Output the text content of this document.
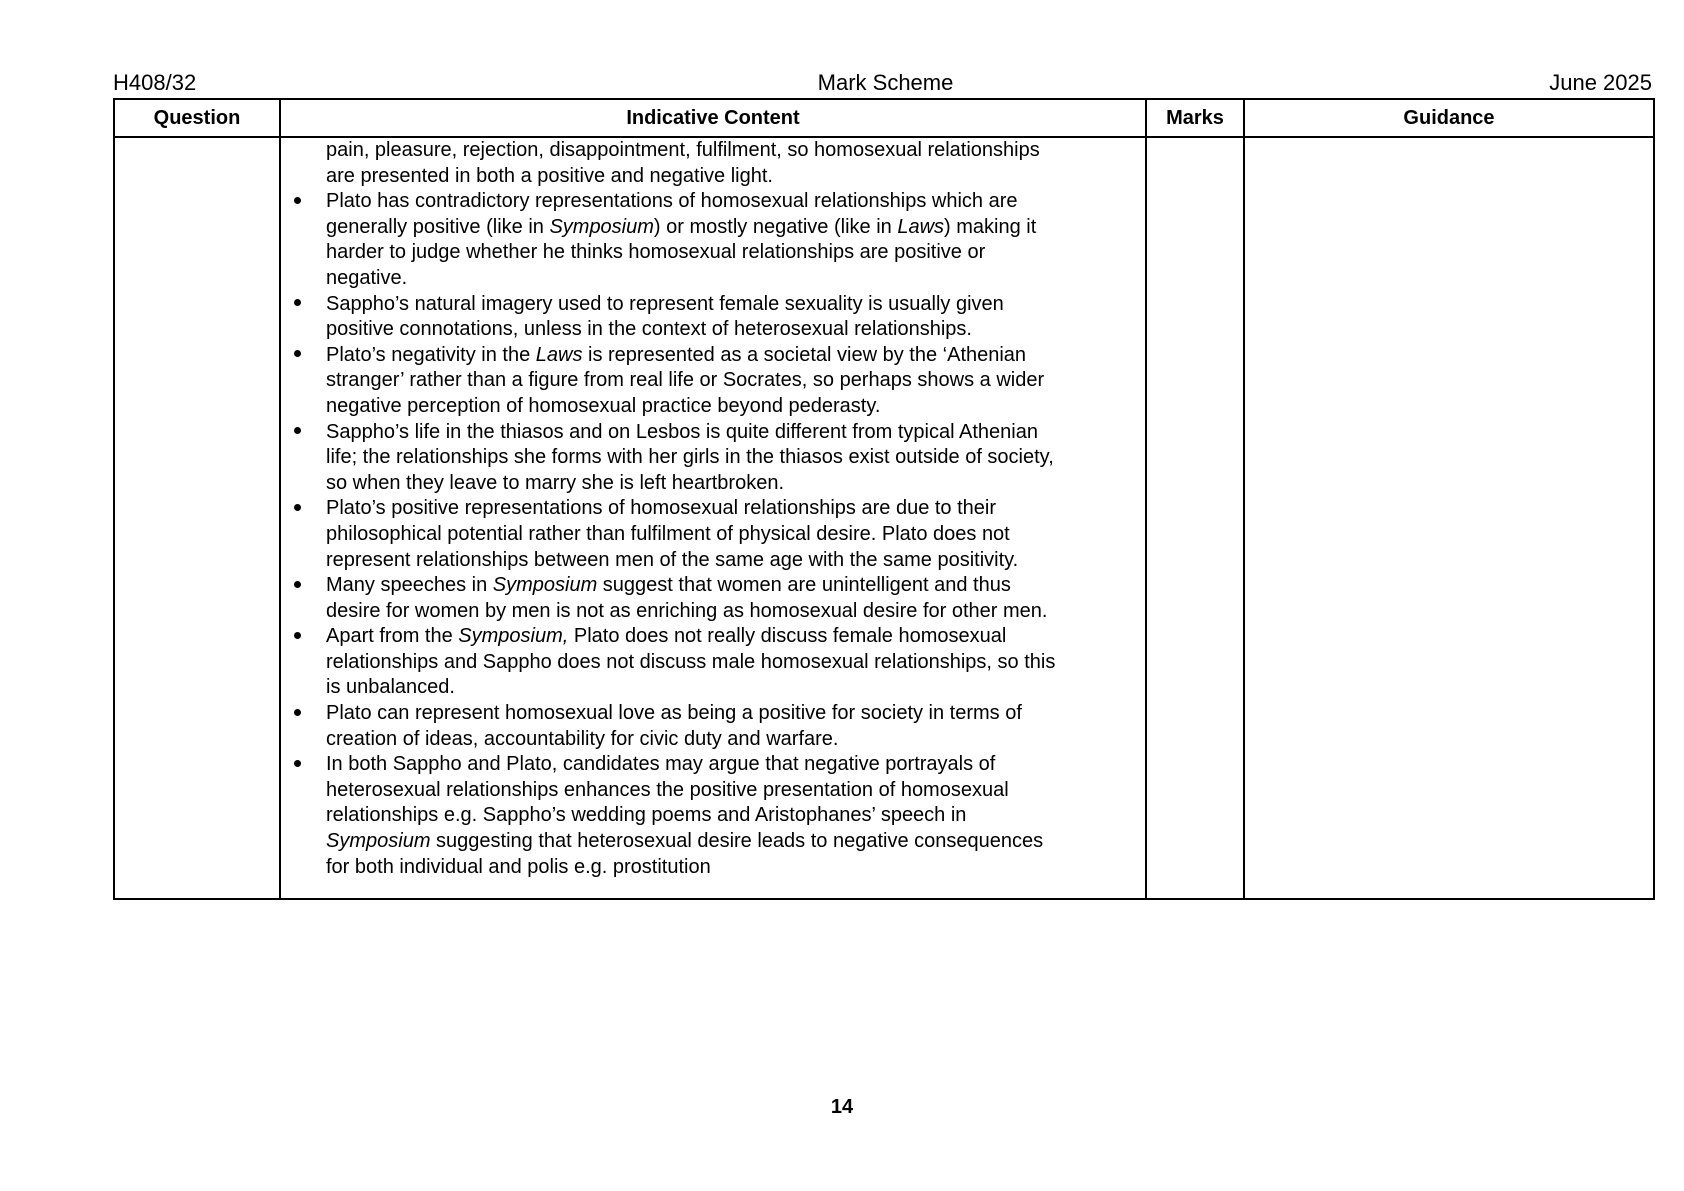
H408/32	Mark Scheme	June 2025
Question	Indicative Content	Marks	Guidance

pain, pleasure, rejection, disappointment, fulfilment, so homosexual relationships
are presented in both a positive and negative light.
Plato has contradictory representations of homosexual relationships which are
generally positive (like in Symposium) or mostly negative (like in Laws) making it
harder to judge whether he thinks homosexual relationships are positive or
negative.
Sappho’s natural imagery used to represent female sexuality is usually given
positive connotations, unless in the context of heterosexual relationships.
Plato’s negativity in the Laws is represented as a societal view by the ‘Athenian
stranger’ rather than a figure from real life or Socrates, so perhaps shows a wider
negative perception of homosexual practice beyond pederasty.
Sappho’s life in the thiasos and on Lesbos is quite different from typical Athenian
life; the relationships she forms with her girls in the thiasos exist outside of society,
so when they leave to marry she is left heartbroken.
Plato’s positive representations of homosexual relationships are due to their
philosophical potential rather than fulfilment of physical desire. Plato does not
represent relationships between men of the same age with the same positivity.
Many speeches in Symposium suggest that women are unintelligent and thus
desire for women by men is not as enriching as homosexual desire for other men.
Apart from the Symposium, Plato does not really discuss female homosexual
relationships and Sappho does not discuss male homosexual relationships, so this
is unbalanced.
Plato can represent homosexual love as being a positive for society in terms of
creation of ideas, accountability for civic duty and warfare.
In both Sappho and Plato, candidates may argue that negative portrayals of
heterosexual relationships enhances the positive presentation of homosexual
relationships e.g. Sappho’s wedding poems and Aristophanes’ speech in
Symposium suggesting that heterosexual desire leads to negative consequences
for both individual and polis e.g. prostitution

14
